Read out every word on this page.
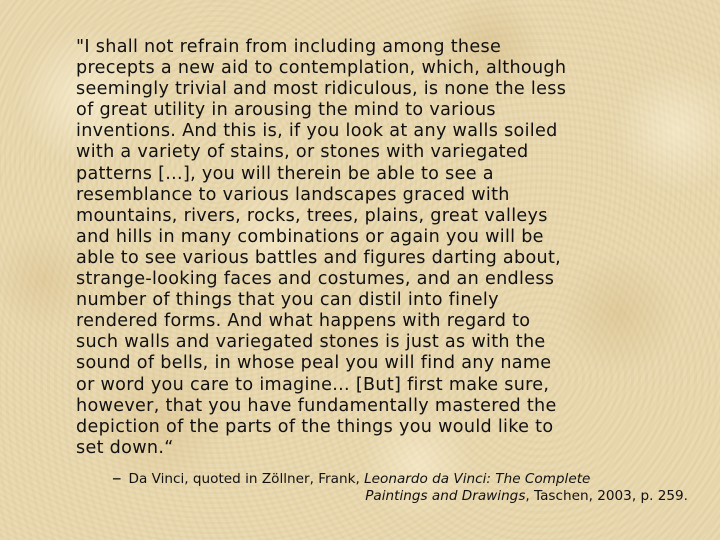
"I shall not refrain from including among these
precepts a new aid to contemplation, which, although
seemingly trivial and most ridiculous, is none the less
of great utility in arousing the mind to various
inventions. And this is, if you look at any walls soiled
with a variety of stains, or stones with variegated
patterns [...], you will therein be able to see a
resemblance to various landscapes graced with
mountains, rivers, rocks, trees, plains, great valleys
and hills in many combinations or again you will be
able to see various battles and figures darting about,
strange-looking faces and costumes, and an endless
number of things that you can distil into finely
rendered forms. And what happens with regard to
such walls and variegated stones is just as with the
sound of bells, in whose peal you will find any name
or word you care to imagine... [But] first make sure,
however, that you have fundamentally mastered the
depiction of the parts of the things you would like to
set down.“
– Da Vinci, quoted in Zöllner, Frank, Leonardo da Vinci: The Complete
Paintings and Drawings, Taschen, 2003, p. 259.
